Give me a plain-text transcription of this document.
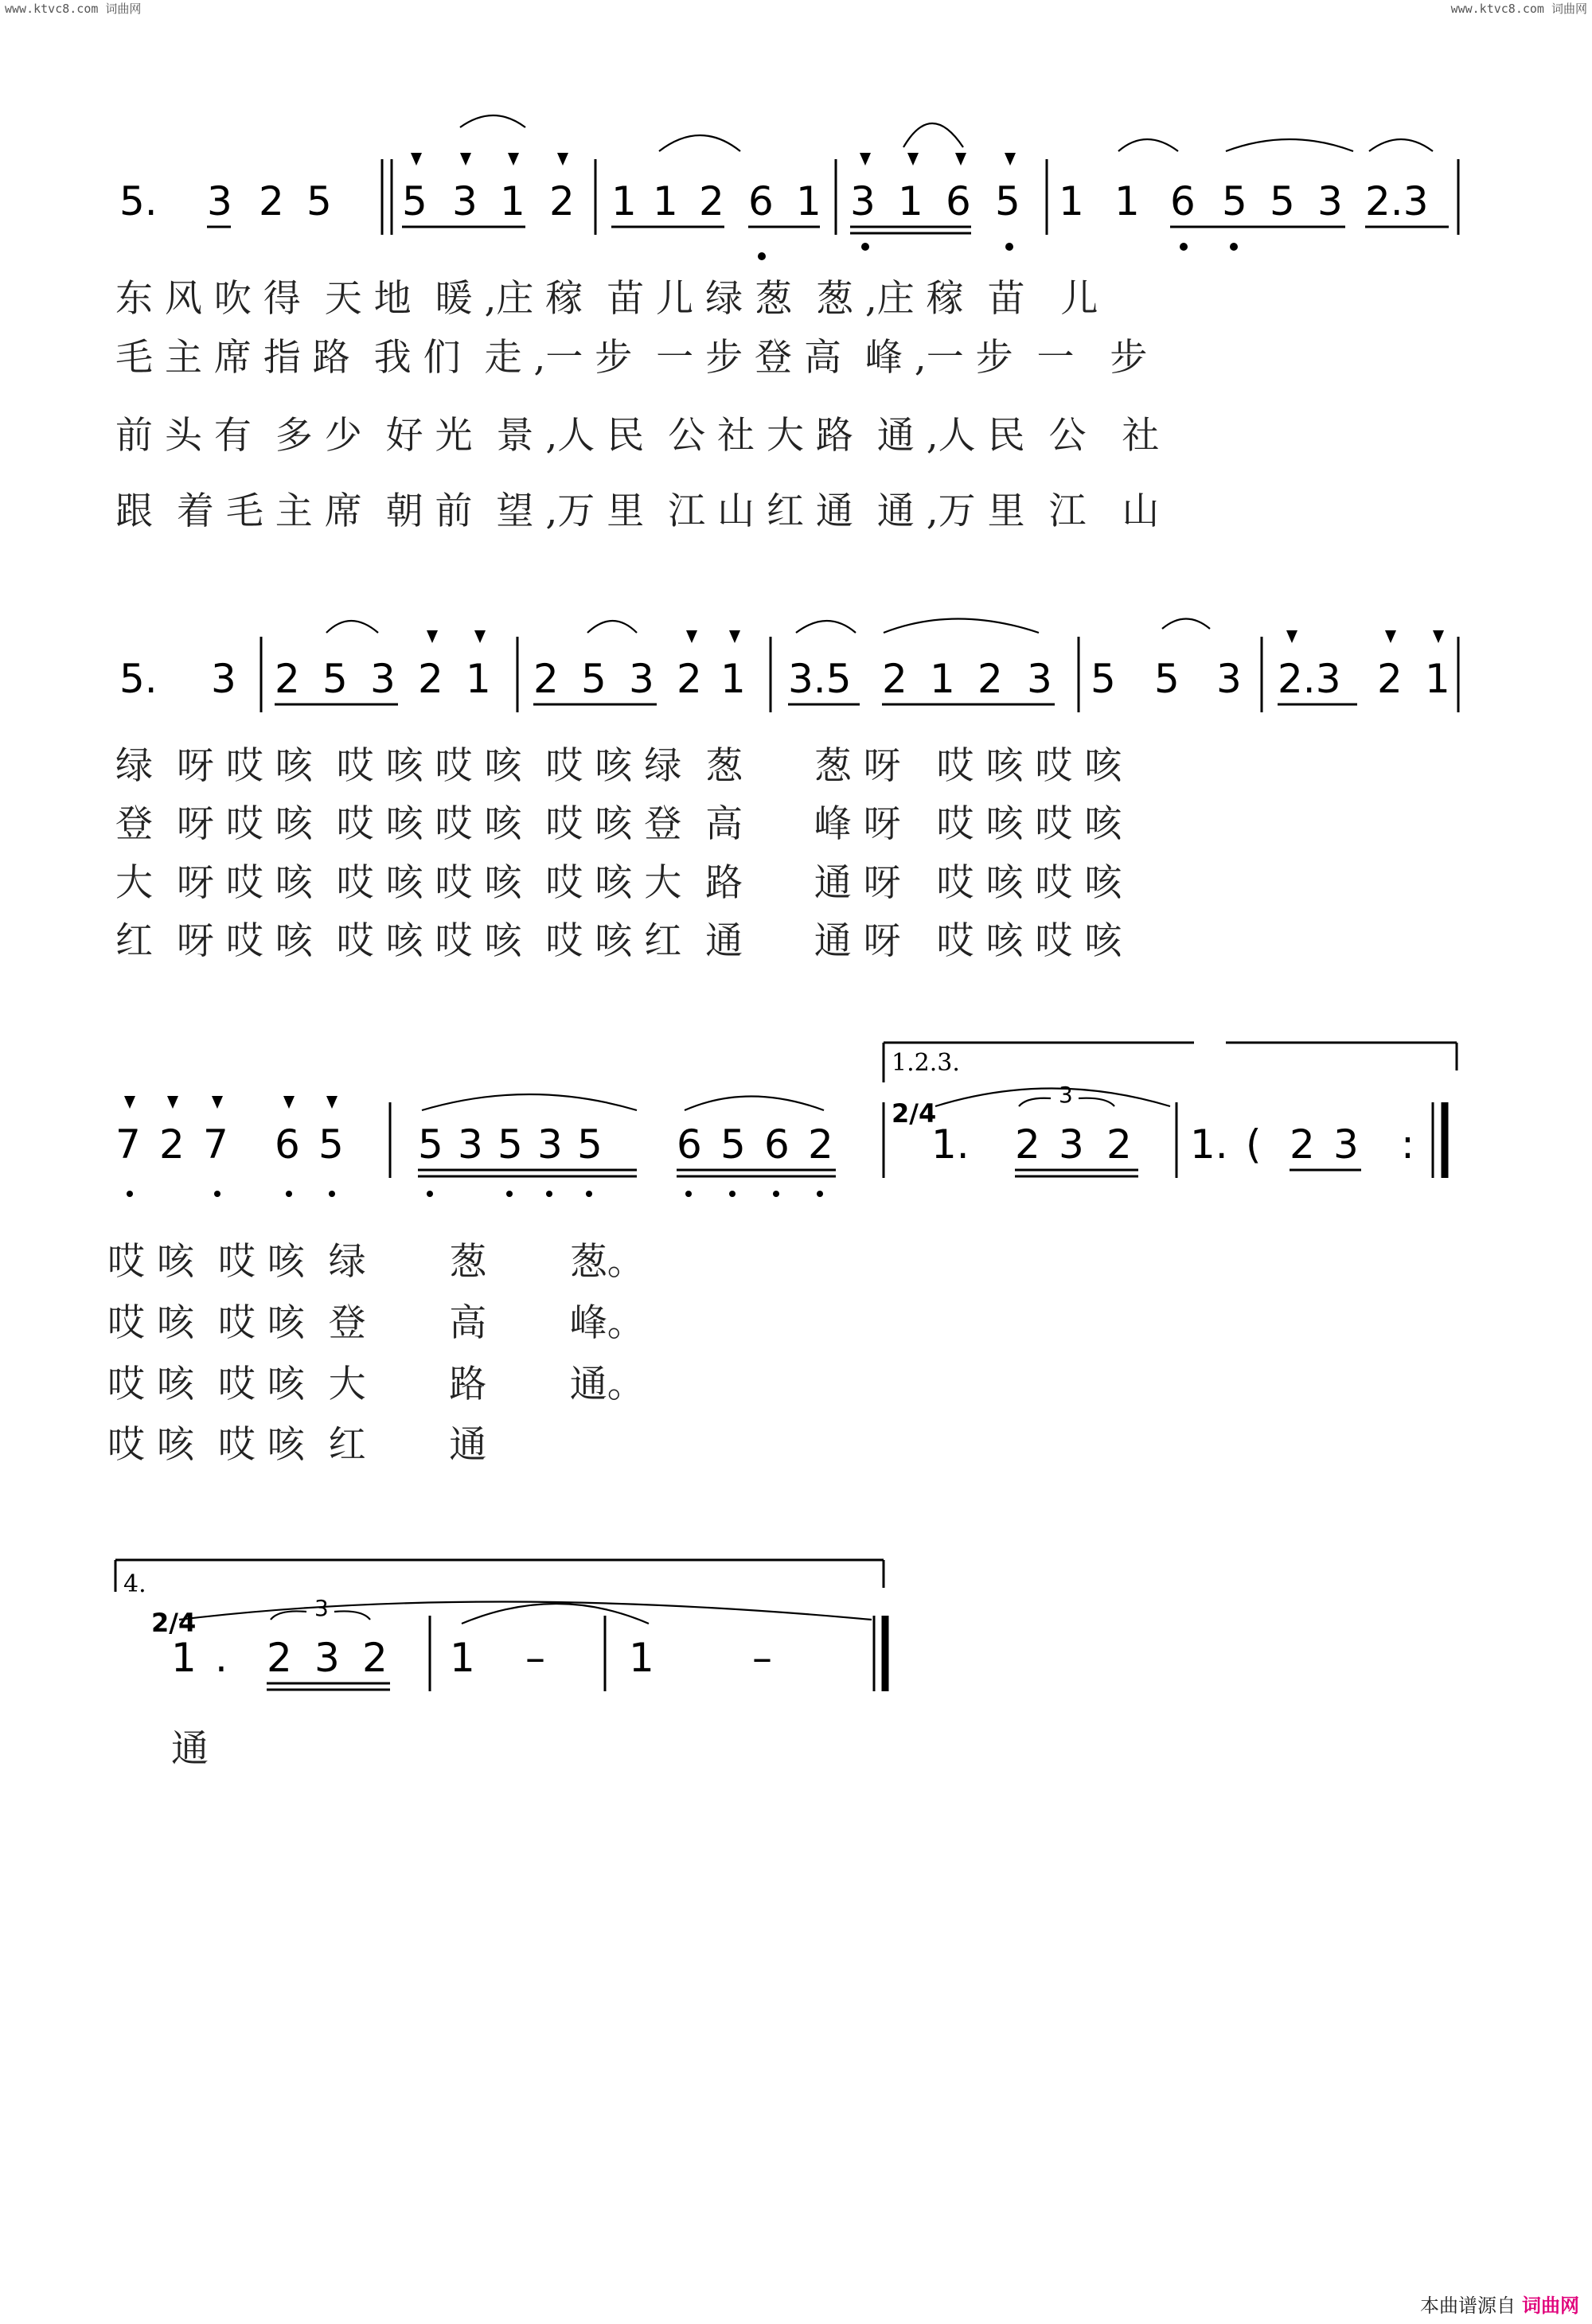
www.ktvc8.com 词曲网	www.ktvc8.com 词曲网
5. 3 2 5 5 3 1 2 1 1 2 6 1 3 1 6 5 1 1 6 5 5 3 2.3
5. 3 2 5 3 2 1 2 5 3 2 1 3.5 2 1 2 3 5 5 3 2.3 2 1
1.2.3.
7 2 7 6 5 5 3 5 3 5 6 5 6 2
2/4
1. 2 3 2 1. ( 2 3 :
3
4.
2/4
1 . 2 3 2 1 – 1 –
3
东 风 吹 得  天 地  暖 ,庄 稼  苗 儿 绿 葱  葱 ,庄 稼  苗   儿
毛 主 席 指 路  我 们  走 ,一 步  一 步 登 高  峰 ,一 步  一   步
前 头 有  多 少  好 光  景 ,人 民  公 社 大 路  通 ,人 民  公   社
跟  着 毛 主 席  朝 前  望 ,万 里  江 山 红 通  通 ,万 里  江   山
绿  呀 哎 咳  哎 咳 哎 咳  哎 咳 绿  葱      葱 呀   哎 咳 哎 咳
登  呀 哎 咳  哎 咳 哎 咳  哎 咳 登  高      峰 呀   哎 咳 哎 咳
大  呀 哎 咳  哎 咳 哎 咳  哎 咳 大  路      通 呀   哎 咳 哎 咳
红  呀 哎 咳  哎 咳 哎 咳  哎 咳 红  通      通 呀   哎 咳 哎 咳
哎 咳  哎 咳  绿       葱       葱。
哎 咳  哎 咳  登       高       峰。
哎 咳  哎 咳  大       路       通。
哎 咳  哎 咳  红       通
通
本曲谱源自 词曲网
